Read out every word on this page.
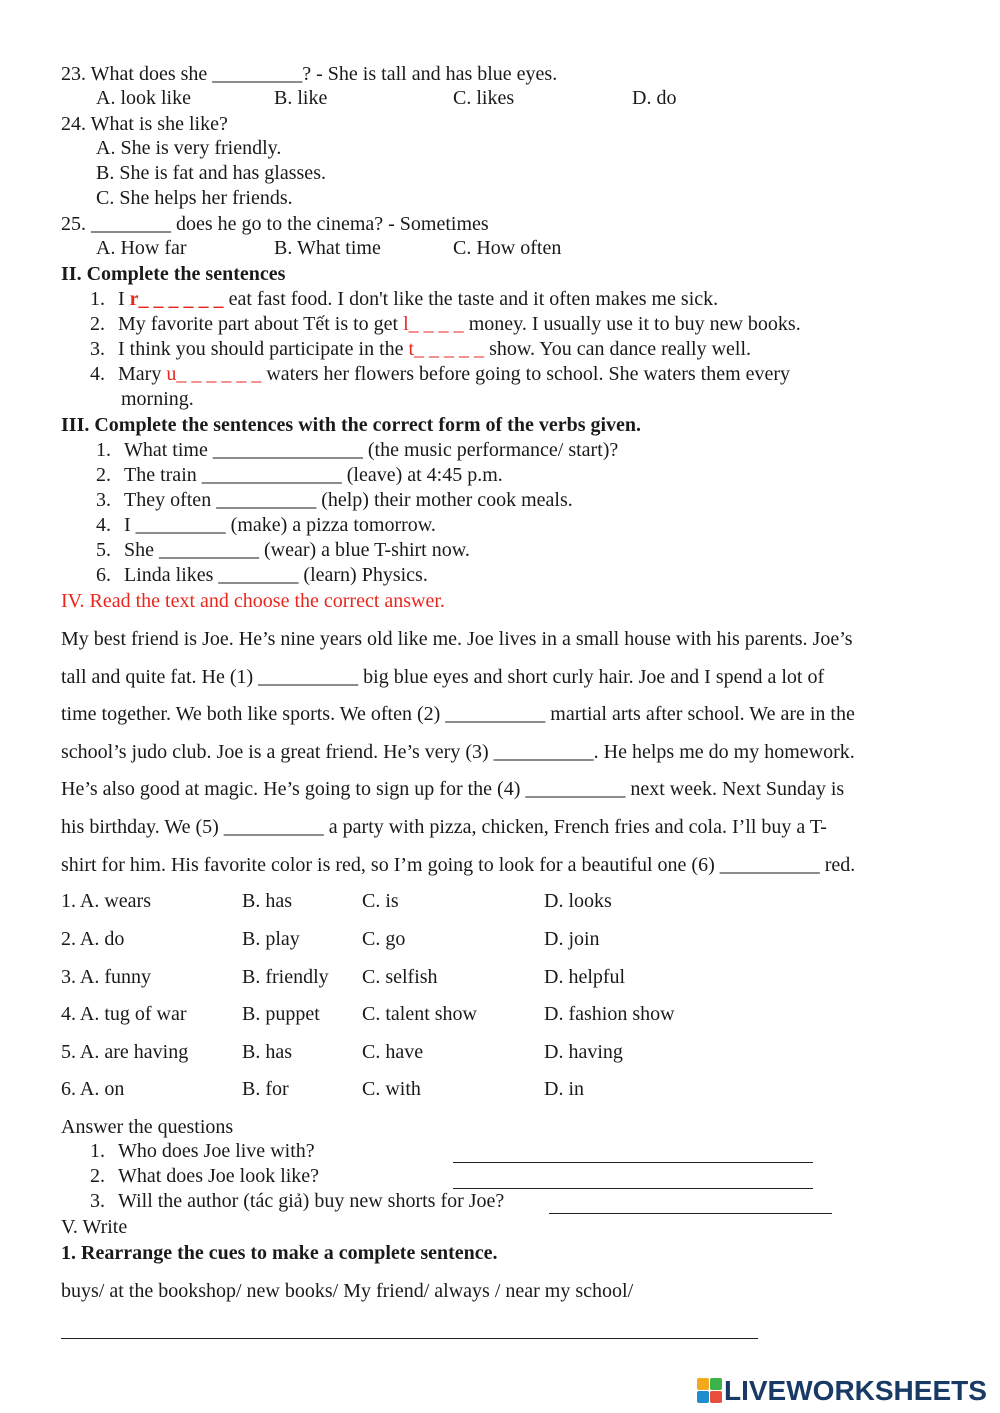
23. What does she _________? - She is tall and has blue eyes.
A. look like	B. like	C. likes	D. do
24. What is she like?
A. She is very friendly.
B. She is fat and has glasses.
C. She helps her friends.
25. ________ does he go to the cinema? - Sometimes
A. How far	B. What time	C. How often
II. Complete the sentences
1. I r_ _ _ _ _ _ eat fast food. I don't like the taste and it often makes me sick.
2. My favorite part about Tết is to get l_ _ _ _ money. I usually use it to buy new books.
3. I think you should participate in the t_ _ _ _ _ show. You can dance really well.
4. Mary u_ _ _ _ _ _ waters her flowers before going to school. She waters them every
morning.
III. Complete the sentences with the correct form of the verbs given.
1. What time _______________ (the music performance/ start)?
2. The train ______________ (leave) at 4:45 p.m.
3. They often __________ (help) their mother cook meals.
4. I _________ (make) a pizza tomorrow.
5. She __________ (wear) a blue T-shirt now.
6. Linda likes ________ (learn) Physics.
IV. Read the text and choose the correct answer.
My best friend is Joe. He’s nine years old like me. Joe lives in a small house with his parents. Joe’s
tall and quite fat. He (1) __________ big blue eyes and short curly hair. Joe and I spend a lot of
time together. We both like sports. We often (2) __________ martial arts after school. We are in the
school’s judo club. Joe is a great friend. He’s very (3) __________. He helps me do my homework.
He’s also good at magic. He’s going to sign up for the (4) __________ next week. Next Sunday is
his birthday. We (5) __________ a party with pizza, chicken, French fries and cola. I’ll buy a T-
shirt for him. His favorite color is red, so I’m going to look for a beautiful one (6) __________ red.
1. A. wears	B. has	C. is	D. looks
2. A. do	B. play	C. go	D. join
3. A. funny	B. friendly C. selfish	D. helpful
4. A. tug of war	B. puppet C. talent show	D. fashion show
5. A. are having	B. has	C. have	D. having
6. A. on	B. for	C. with	D. in
Answer the questions
1. Who does Joe live with?
2. What does Joe look like?
3. Will the author (tác giả) buy new shorts for Joe?
V. Write
1. Rearrange the cues to make a complete sentence.
buys/ at the bookshop/ new books/ My friend/ always / near my school/
LIVEWORKSHEETS
